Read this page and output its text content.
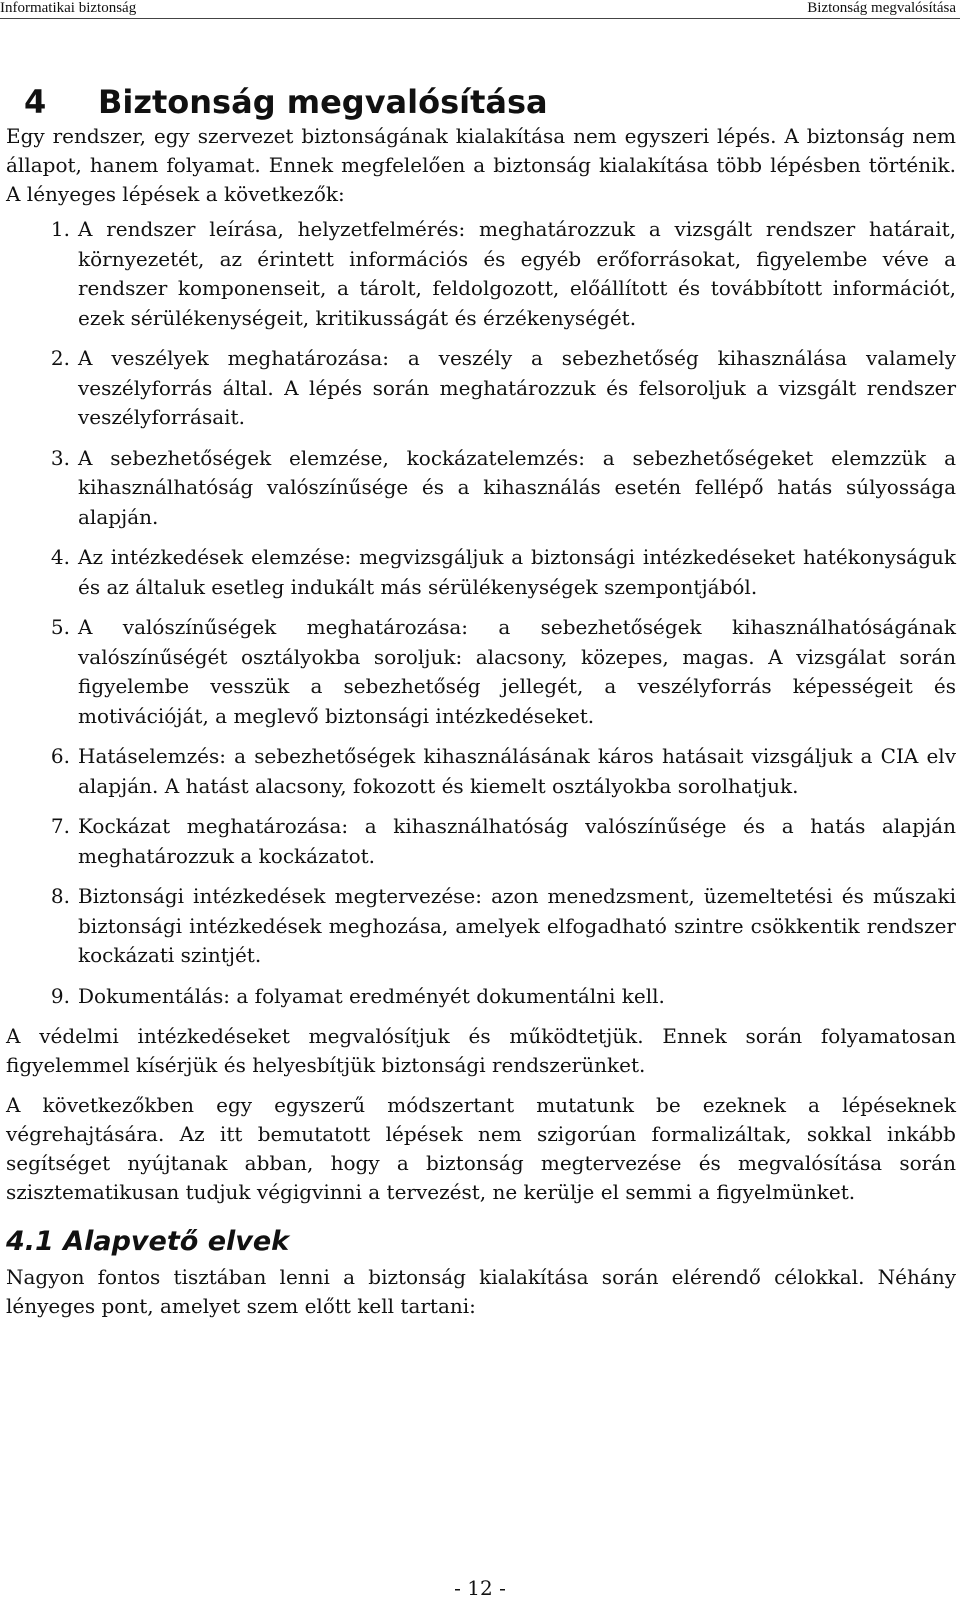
Informatikai biztonság	Biztonság megvalósítása
4	Biztonság megvalósítása

Egy rendszer, egy szervezet biztonságának kialakítása nem egyszeri lépés. A biztonság nem állapot, hanem folyamat. Ennek megfelelően a biztonság kialakítása több lépésben történik. A lényeges lépések a következők:

1. A rendszer leírása, helyzetfelmérés: meghatározzuk a vizsgált rendszer határait, környezetét, az érintett információs és egyéb erőforrásokat, figyelembe véve a rendszer komponenseit, a tárolt, feldolgozott, előállított és továbbított információt, ezek sérülékenységeit, kritikusságát és érzékenységét.
2. A veszélyek meghatározása: a veszély a sebezhetőség kihasználása valamely veszélyforrás által. A lépés során meghatározzuk és felsoroljuk a vizsgált rendszer veszélyforrásait.
3. A sebezhetőségek elemzése, kockázatelemzés: a sebezhetőségeket elemzzük a kihasználhatóság valószínűsége és a kihasználás esetén fellépő hatás súlyossága alapján.
4. Az intézkedések elemzése: megvizsgáljuk a biztonsági intézkedéseket hatékonyságuk és az általuk esetleg indukált más sérülékenységek szempontjából.
5. A valószínűségek meghatározása: a sebezhetőségek kihasználhatóságának valószínűségét osztályokba soroljuk: alacsony, közepes, magas. A vizsgálat során figyelembe vesszük a sebezhetőség jellegét, a veszélyforrás képességeit és motivációját, a meglevő biztonsági intézkedéseket.
6. Hatáselemzés: a sebezhetőségek kihasználásának káros hatásait vizsgáljuk a CIA elv alapján. A hatást alacsony, fokozott és kiemelt osztályokba sorolhatjuk.
7. Kockázat meghatározása: a kihasználhatóság valószínűsége és a hatás alapján meghatározzuk a kockázatot.
8. Biztonsági intézkedések megtervezése: azon menedzsment, üzemeltetési és műszaki biztonsági intézkedések meghozása, amelyek elfogadható szintre csökkentik rendszer kockázati szintjét.
9. Dokumentálás: a folyamat eredményét dokumentálni kell.

A védelmi intézkedéseket megvalósítjuk és működtetjük. Ennek során folyamatosan figyelemmel kísérjük és helyesbítjük biztonsági rendszerünket.

A következőkben egy egyszerű módszertant mutatunk be ezeknek a lépéseknek végrehajtására. Az itt bemutatott lépések nem szigorúan formalizáltak, sokkal inkább segítséget nyújtanak abban, hogy a biztonság megtervezése és megvalósítása során szisztematikusan tudjuk végigvinni a tervezést, ne kerülje el semmi a figyelmünket.

4.1 Alapvető elvek

Nagyon fontos tisztában lenni a biztonság kialakítása során elérendő célokkal. Néhány lényeges pont, amelyet szem előtt kell tartani:

- 12 -
